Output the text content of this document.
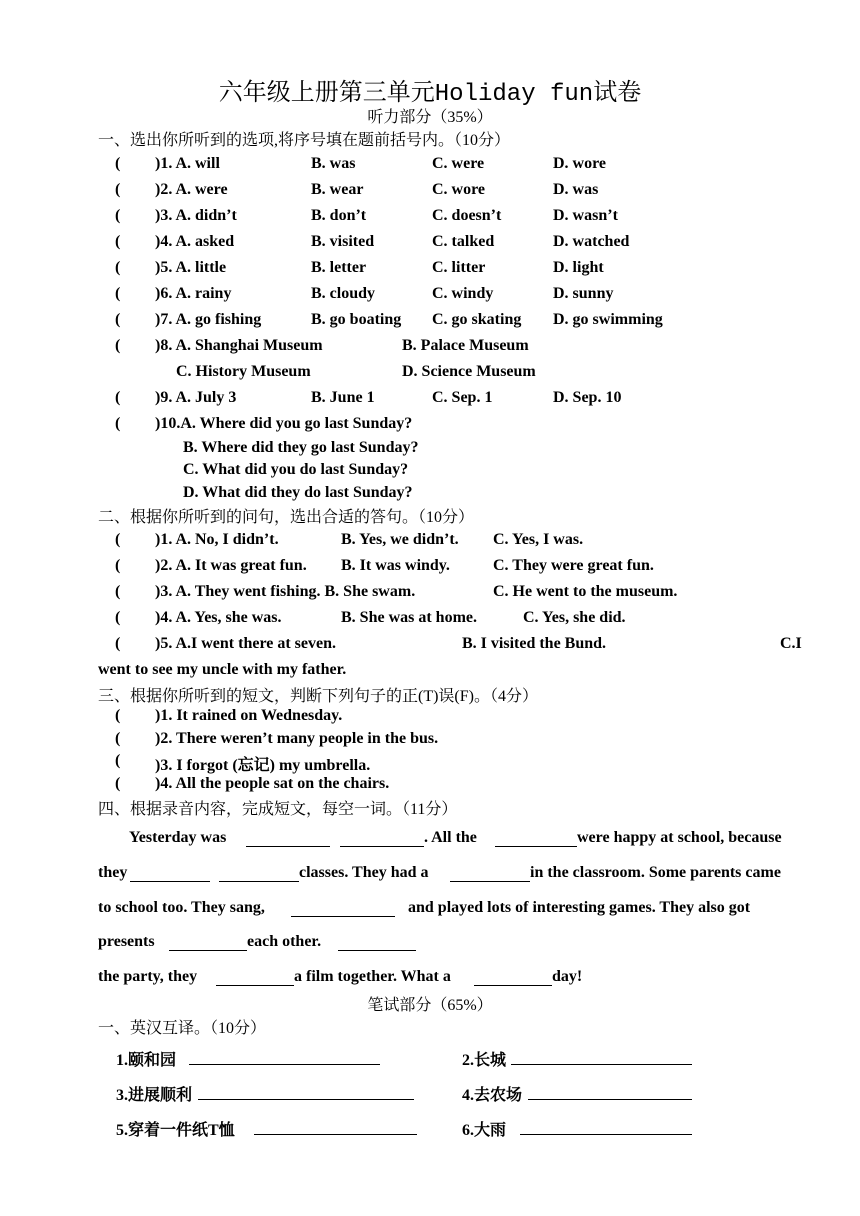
六年级上册第三单元Holiday fun试卷
听力部分（35%）
一、选出你所听到的选项,将序号填在题前括号内。（10分）
( )1. A. will	B. was	C. were	D. wore
( )2. A. were	B. wear	C. wore	D. was
( )3. A. didn’t	B. don’t	C. doesn’t	D. wasn’t
( )4. A. asked	B. visited	C. talked	D. watched
( )5. A. little	B. letter	C. litter	D. light
( )6. A. rainy	B. cloudy	C. windy	D. sunny
( )7. A. go fishing	B. go boating C. go skating D. go swimming
( )8. A. Shanghai Museum	B. Palace Museum
C. History Museum	D. Science Museum
( )9. A. July 3	B. June 1	C. Sep. 1	D. Sep. 10
( )10.A. Where did you go last Sunday?
B. Where did they go last Sunday?
C. What did you do last Sunday?
D. What did they do last Sunday?
二、根据你所听到的问句，选出合适的答句。（10分）
( )1. A. No, I didn’t.	B. Yes, we didn’t. C. Yes, I was.
( )2. A. It was great fun. B. It was windy.	C. They were great fun.
( )3. A. They went fishing. B. She swam.	C. He went to the museum.
( )4. A. Yes, she was.	B. She was at home.	C. Yes, she did.
( )5. A.I went there at seven.	B. I visited the Bund.	C.I
went to see my uncle with my father.
三、根据你所听到的短文，判断下列句子的正(T)误(F)。（4分）
( )1. It rained on Wednesday.
( )2. There weren’t many people in the bus.
( )3. I forgot (忘记) my umbrella.
( )4. All the people sat on the chairs.
四、根据录音内容，完成短文，每空一词。（11分）
Yesterday was	. All the	were happy at school, because
they	classes. They had a	in the classroom. Some parents came
to school too. They sang,	and played lots of interesting games. They also got
presents	each other.
the party, they	a film together. What a	day!
笔试部分（65%）
一、英汉互译。（10分）
1.颐和园	2.长城
3.进展顺利	4.去农场
5.穿着一件纸T恤	6.大雨
